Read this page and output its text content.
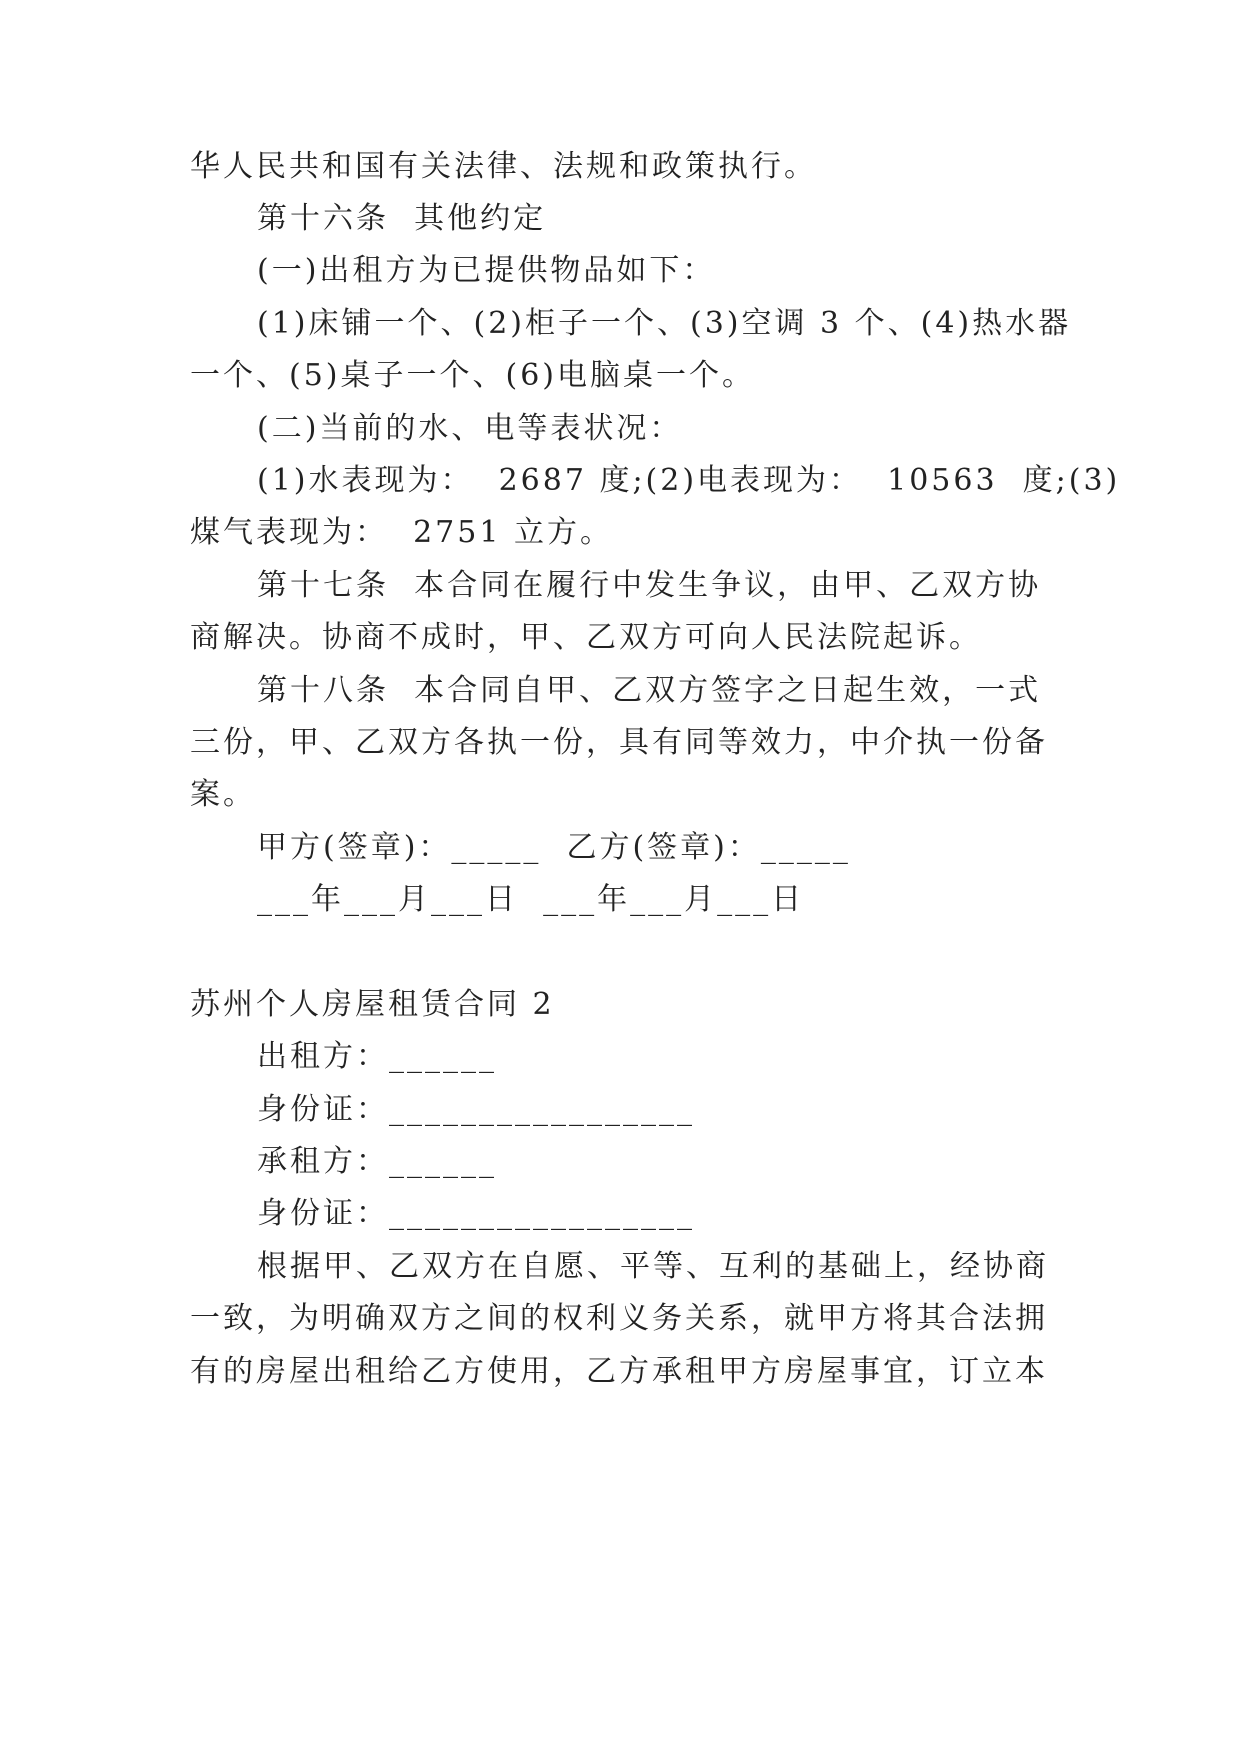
华人民共和国有关法律、法规和政策执行。
第十六条  其他约定
(一)出租方为已提供物品如下：
(1)床铺一个、(2)柜子一个、(3)空调 3 个、(4)热水器
一个、(5)桌子一个、(6)电脑桌一个。
(二)当前的水、电等表状况：
(1)水表现为：  2687 度;(2)电表现为：  10563  度;(3)
煤气表现为：  2751 立方。
第十七条  本合同在履行中发生争议，由甲、乙双方协
商解决。协商不成时，甲、乙双方可向人民法院起诉。
第十八条  本合同自甲、乙双方签字之日起生效，一式
三份，甲、乙双方各执一份，具有同等效力，中介执一份备
案。
甲方(签章)：_____  乙方(签章)：_____
___年___月___日  ___年___月___日
苏州个人房屋租赁合同 2
出租方：______
身份证：_________________
承租方：______
身份证：_________________
根据甲、乙双方在自愿、平等、互利的基础上，经协商
一致，为明确双方之间的权利义务关系，就甲方将其合法拥
有的房屋出租给乙方使用，乙方承租甲方房屋事宜，订立本
